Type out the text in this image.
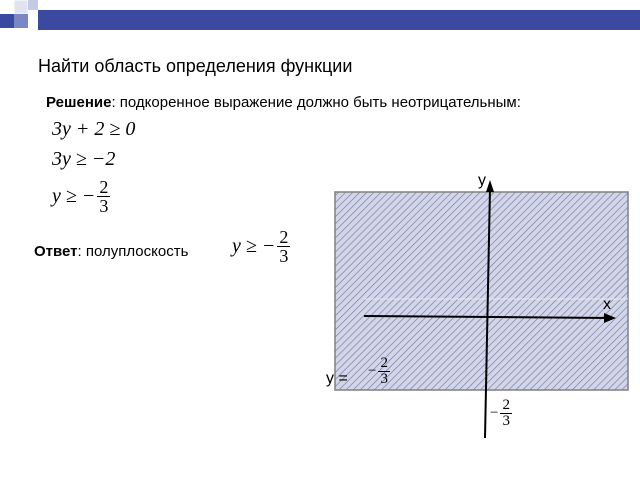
Найти область определения функции
Решение: подкоренное выражение должно быть неотрицательным:
3y + 2 ≥ 0
3y ≥ −2
y ≥ − $\frac{2}{3}$
Ответ: полуплоскость y ≥ − $\frac{2}{3}$
y
x
y = − $\frac{2}{3}$
− $\frac{2}{3}$
